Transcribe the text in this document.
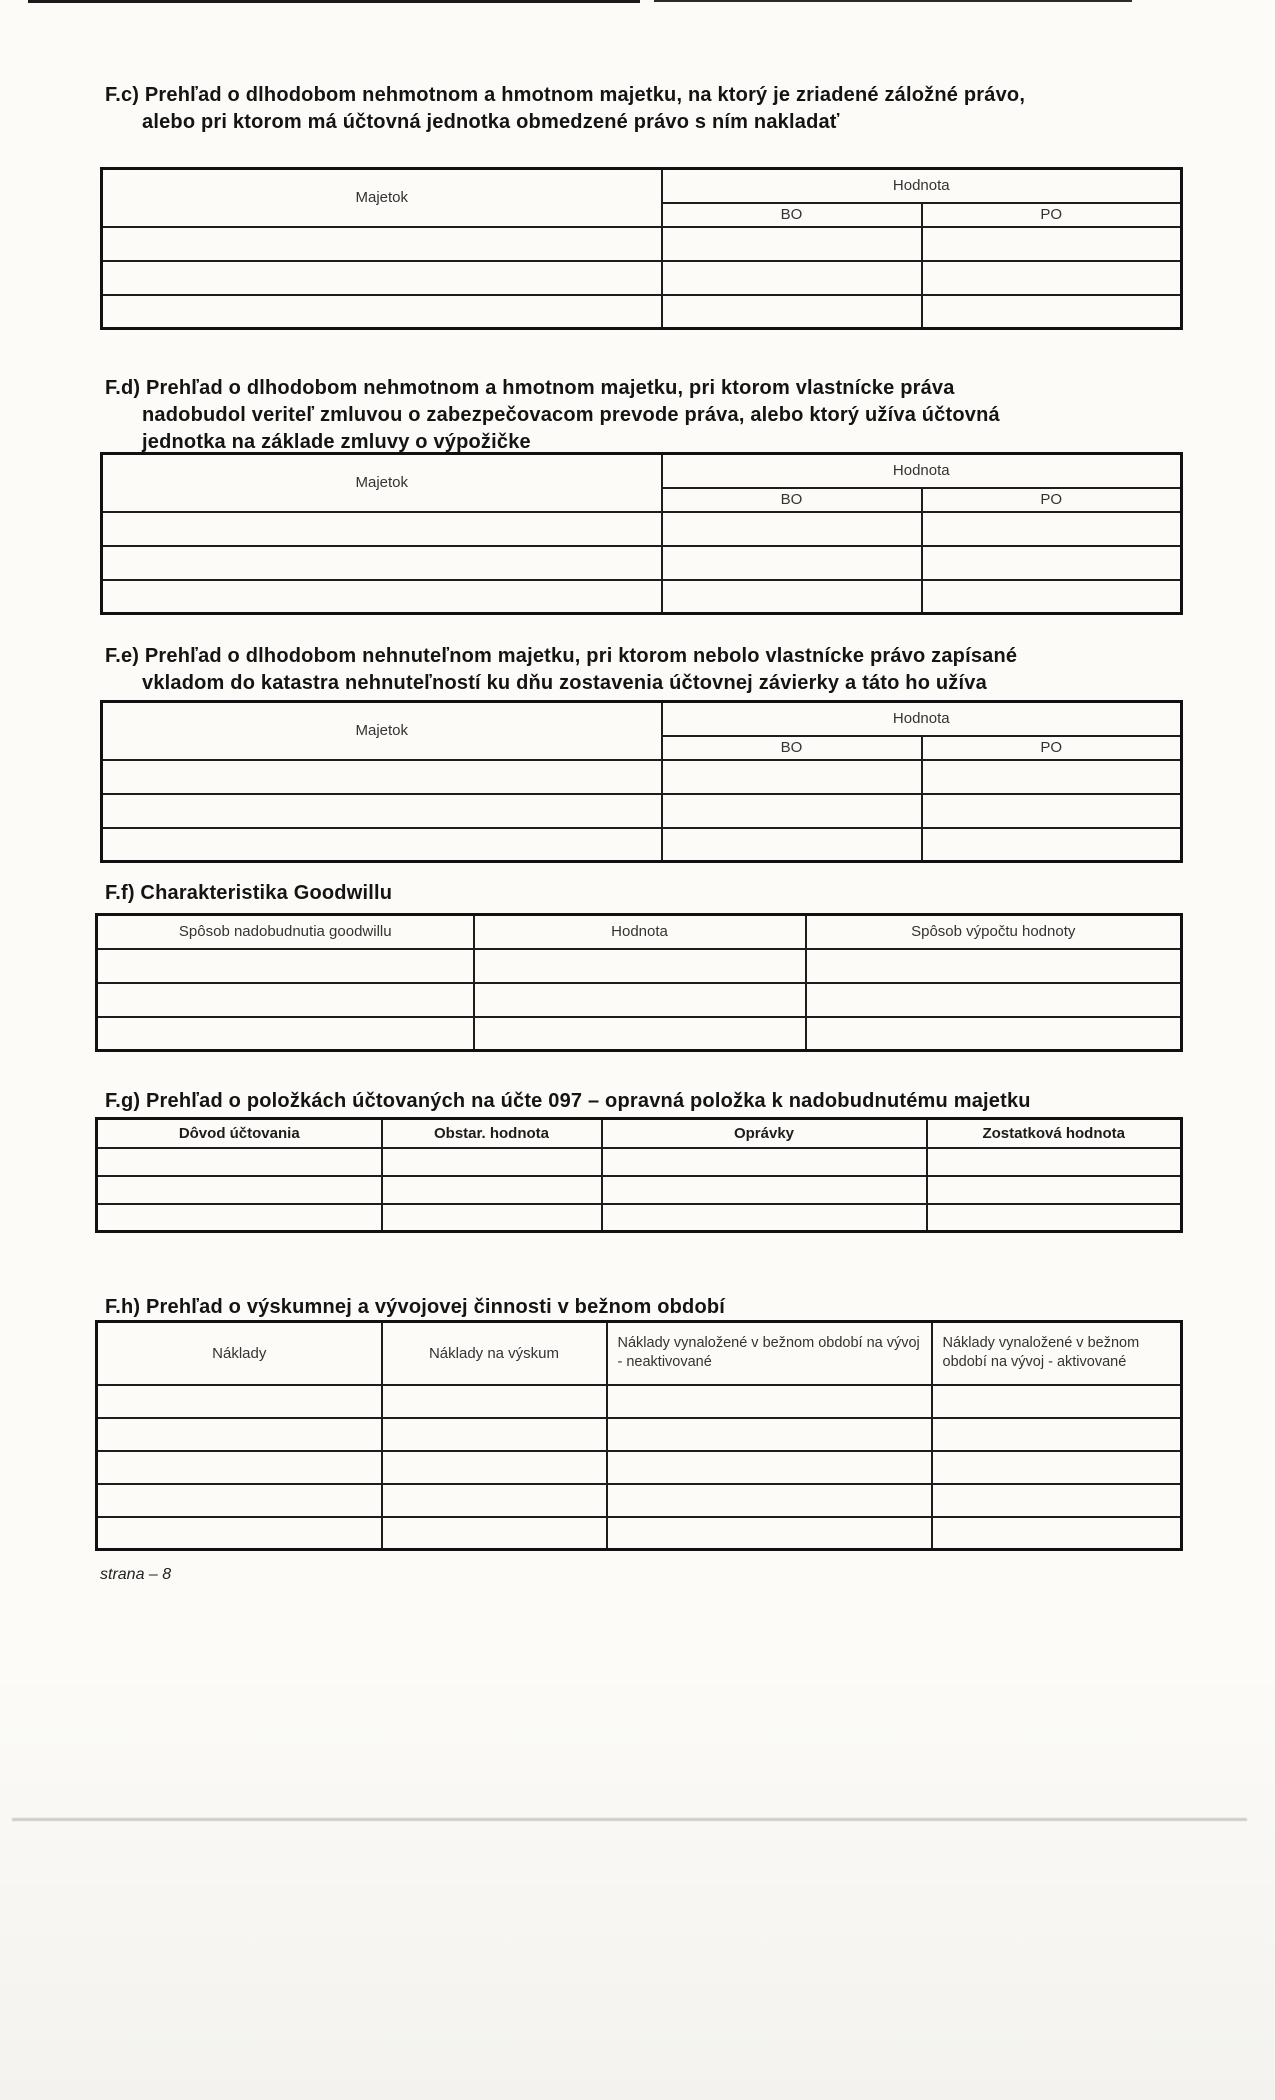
F.c) Prehľad o dlhodobom nehmotnom a hmotnom majetku, na ktorý je zriadené záložné právo,
alebo pri ktorom má účtovná jednotka obmedzené právo s ním nakladať
Majetok	Hodnota	
	BO	PO

F.d) Prehľad o dlhodobom nehmotnom a hmotnom majetku, pri ktorom vlastnícke práva
nadobudol veriteľ zmluvou o zabezpečovacom prevode práva, alebo ktorý užíva účtovná
jednotka na základe zmluvy o výpožičke
Majetok	Hodnota	
	BO	PO

F.e) Prehľad o dlhodobom nehnuteľnom majetku, pri ktorom nebolo vlastnícke právo zapísané
vkladom do katastra nehnuteľností ku dňu zostavenia účtovnej závierky a táto ho užíva
Majetok	Hodnota	
	BO	PO

F.f) Charakteristika Goodwillu
Spôsob nadobudnutia goodwillu	Hodnota	Spôsob výpočtu hodnoty

F.g) Prehľad o položkách účtovaných na účte 097 – opravná položka k nadobudnutému majetku
Dôvod účtovania	Obstar. hodnota	Oprávky	Zostatková hodnota

F.h) Prehľad o výskumnej a vývojovej činnosti v bežnom období
Náklady	Náklady na výskum	Náklady vynaložené v bežnom období na vývoj - neaktivované	Náklady vynaložené v bežnom období na vývoj - aktivované

strana – 8
